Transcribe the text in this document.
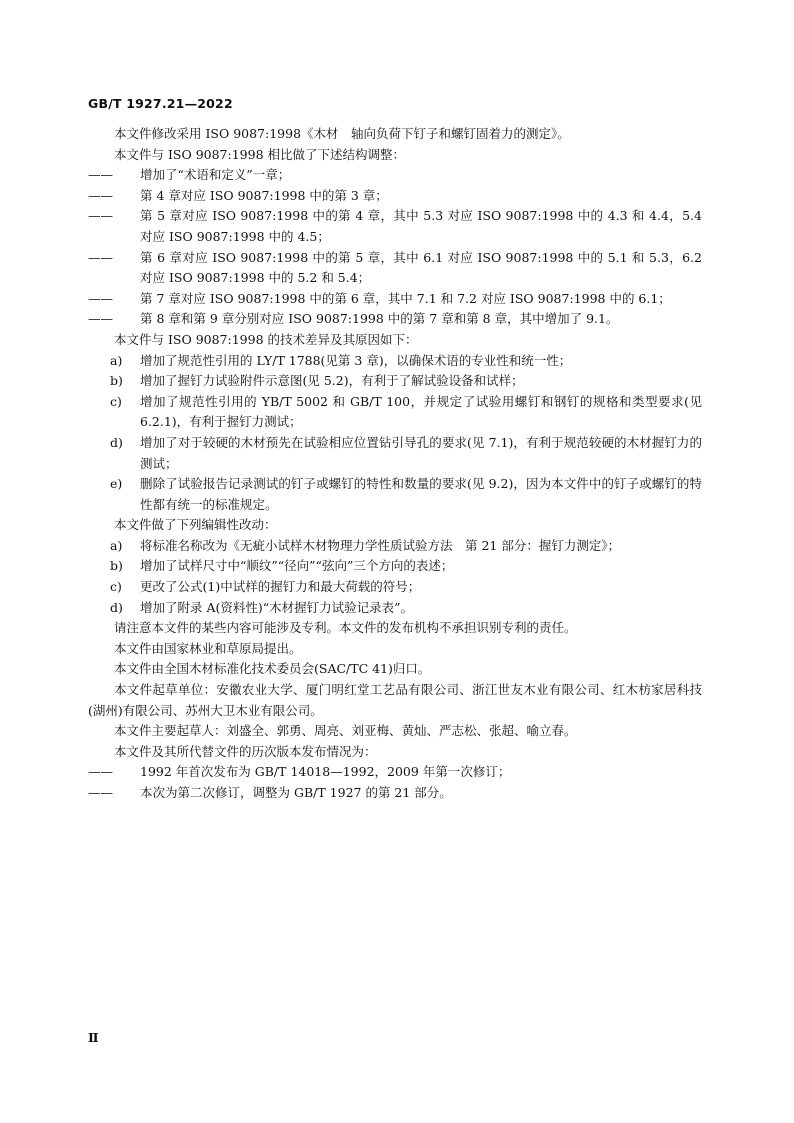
GB/T 1927.21—2022

本文件修改采用 ISO 9087:1998《木材　轴向负荷下钉子和螺钉固着力的测定》。

本文件与 ISO 9087:1998 相比做了下述结构调整：

——	增加了“术语和定义”一章；
——	第 4 章对应 ISO 9087:1998 中的第 3 章；
——	第 5 章对应 ISO 9087:1998 中的第 4 章，其中 5.3 对应 ISO 9087:1998 中的 4.3 和 4.4，5.4 对应 ISO 9087:1998 中的 4.5；
——	第 6 章对应 ISO 9087:1998 中的第 5 章，其中 6.1 对应 ISO 9087:1998 中的 5.1 和 5.3，6.2 对应 ISO 9087:1998 中的 5.2 和 5.4；
——	第 7 章对应 ISO 9087:1998 中的第 6 章，其中 7.1 和 7.2 对应 ISO 9087:1998 中的 6.1；
——	第 8 章和第 9 章分别对应 ISO 9087:1998 中的第 7 章和第 8 章，其中增加了 9.1。

本文件与 ISO 9087:1998 的技术差异及其原因如下：

a)	增加了规范性引用的 LY/T 1788(见第 3 章)，以确保术语的专业性和统一性；
b)	增加了握钉力试验附件示意图(见 5.2)，有利于了解试验设备和试样；
c)	增加了规范性引用的 YB/T 5002 和 GB/T 100，并规定了试验用螺钉和钢钉的规格和类型要求(见 6.2.1)，有利于握钉力测试；
d)	增加了对于较硬的木材预先在试验相应位置钻引导孔的要求(见 7.1)，有利于规范较硬的木材握钉力的测试；
e)	删除了试验报告记录测试的钉子或螺钉的特性和数量的要求(见 9.2)，因为本文件中的钉子或螺钉的特性都有统一的标准规定。

本文件做了下列编辑性改动：

a)	将标准名称改为《无疵小试样木材物理力学性质试验方法　第 21 部分：握钉力测定》；
b)	增加了试样尺寸中“顺纹”“径向”“弦向”三个方向的表述；
c)	更改了公式(1)中试样的握钉力和最大荷载的符号；
d)	增加了附录 A(资料性)“木材握钉力试验记录表”。

请注意本文件的某些内容可能涉及专利。本文件的发布机构不承担识别专利的责任。

本文件由国家林业和草原局提出。

本文件由全国木材标准化技术委员会(SAC/TC 41)归口。

本文件起草单位：安徽农业大学、厦门明红堂工艺品有限公司、浙江世友木业有限公司、红木枋家居科技(湖州)有限公司、苏州大卫木业有限公司。

本文件主要起草人：刘盛全、郭勇、周亮、刘亚梅、黄灿、严志松、张超、喻立春。

本文件及其所代替文件的历次版本发布情况为：

——	1992 年首次发布为 GB/T 14018—1992，2009 年第一次修订；
——	本次为第二次修订，调整为 GB/T 1927 的第 21 部分。
Ⅱ
